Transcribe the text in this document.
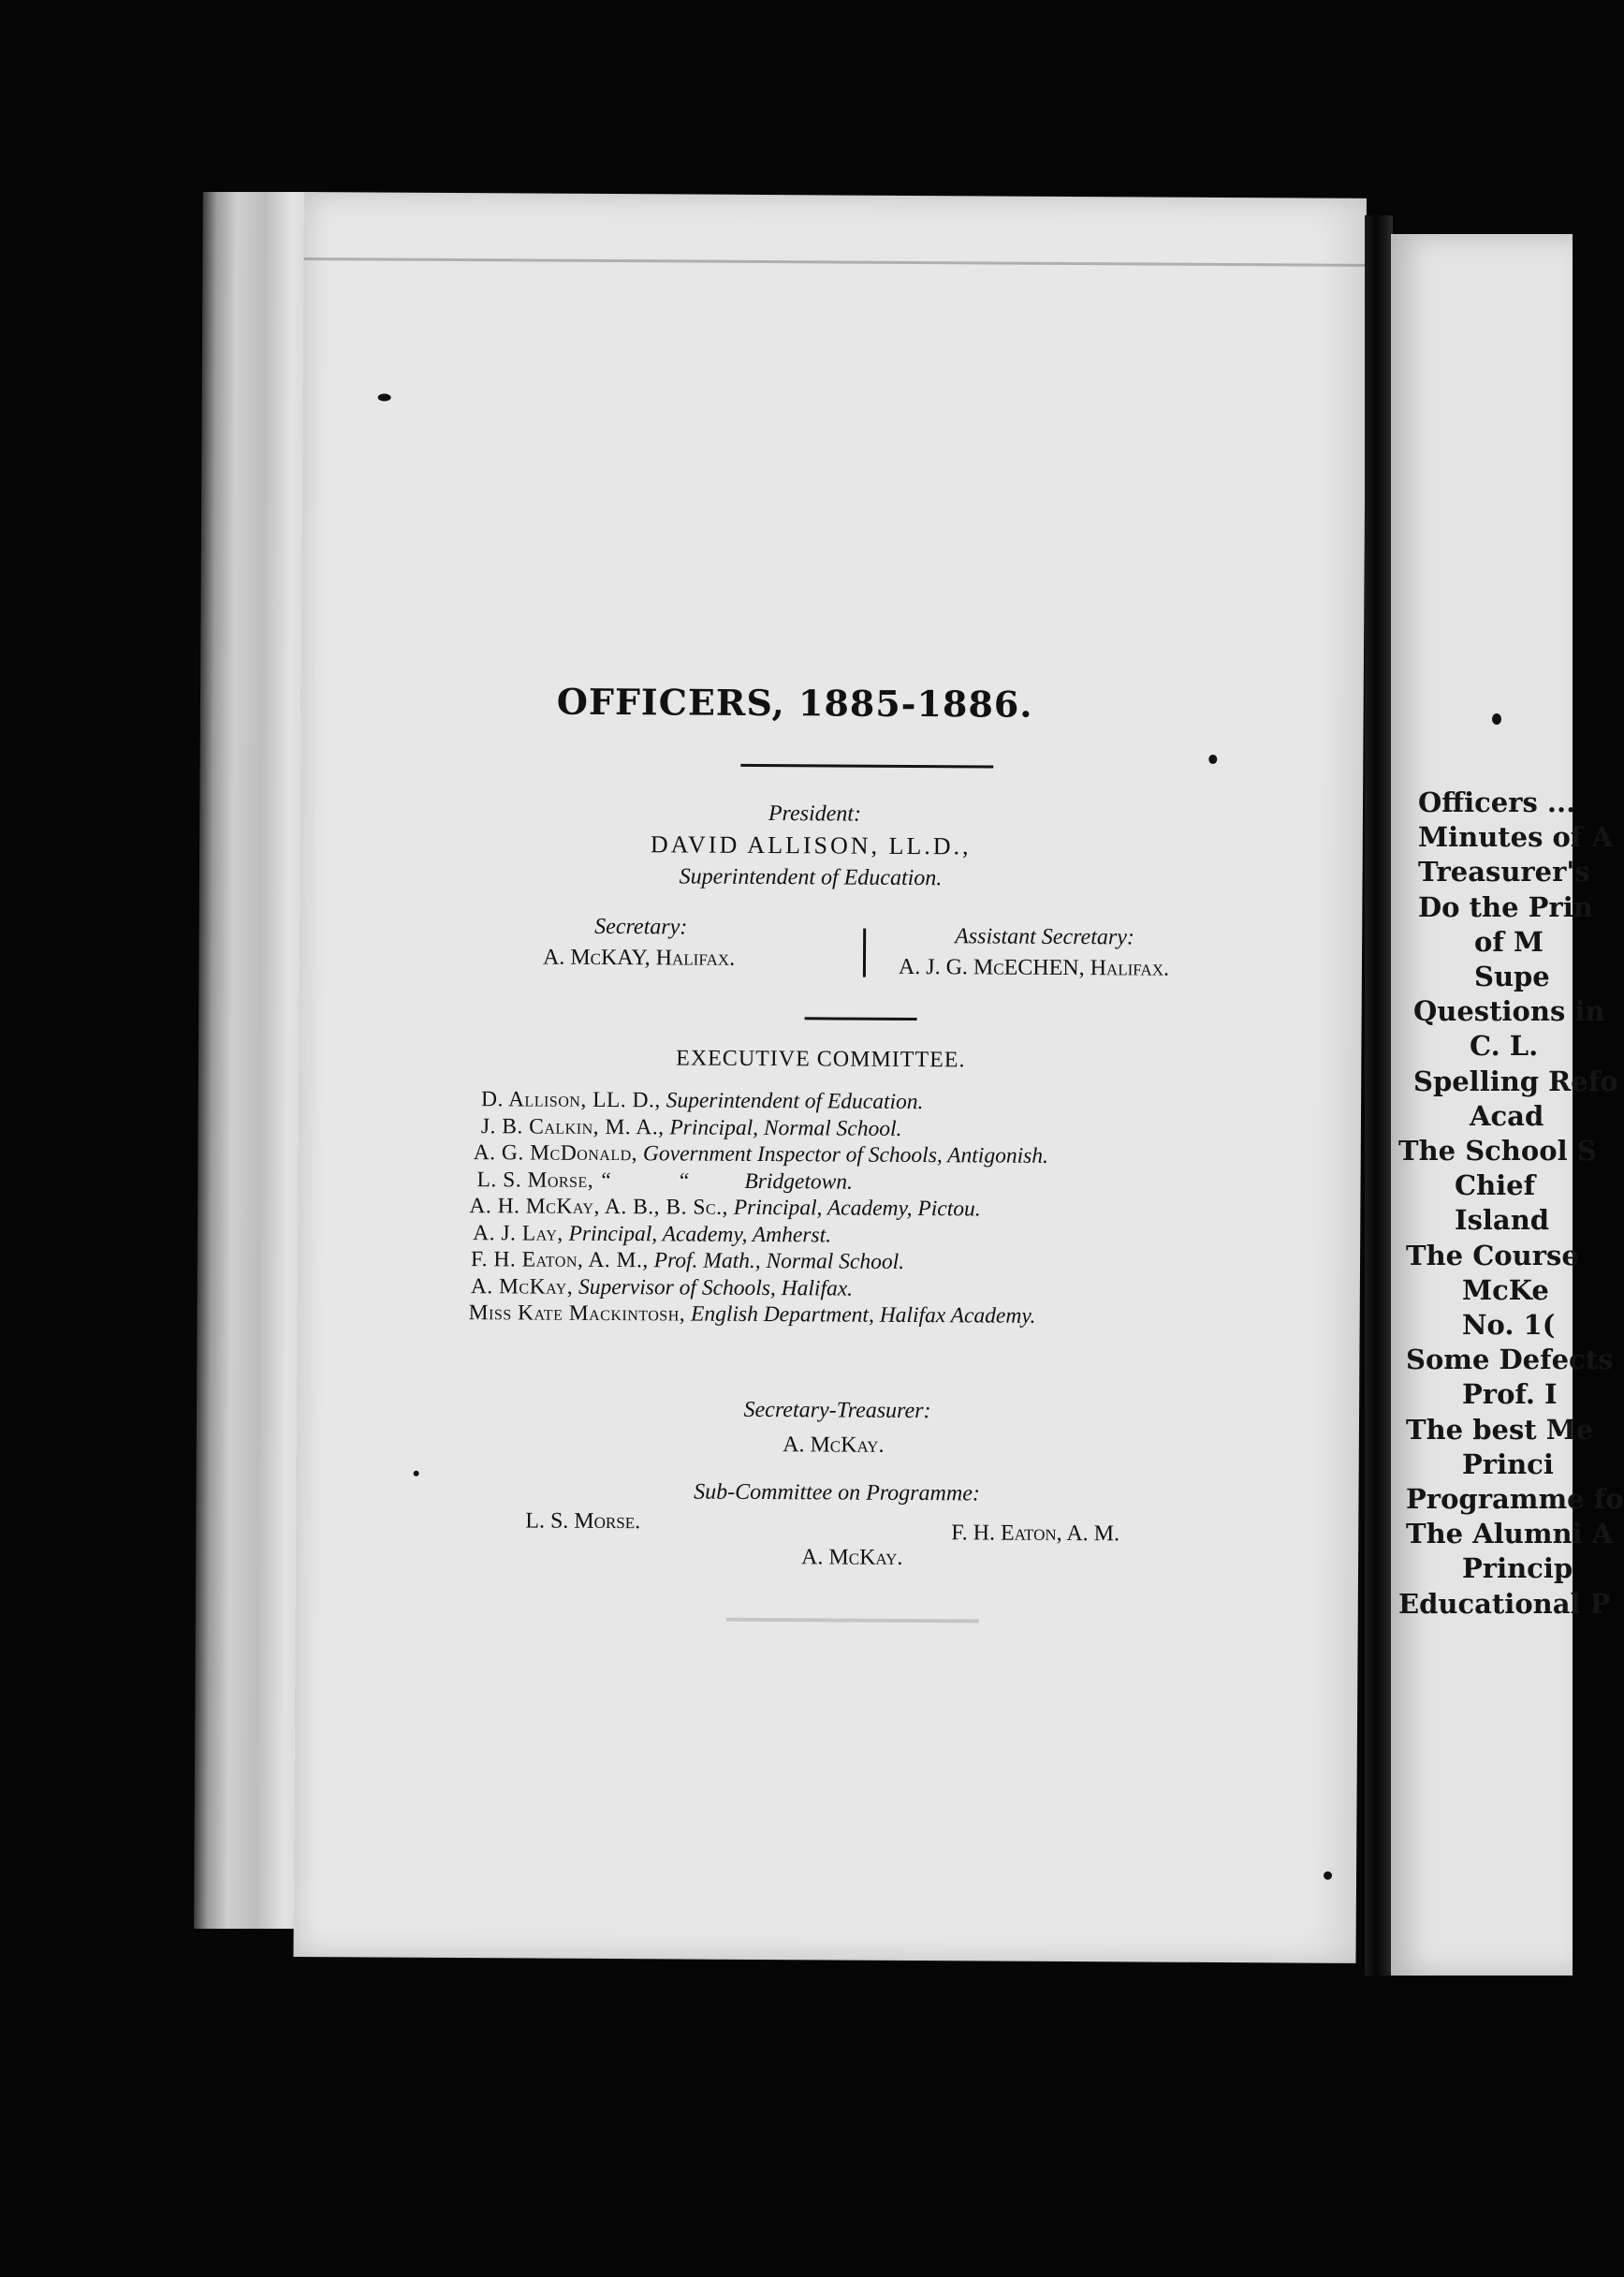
OFFICERS, 1885-1886.
President:
DAVID ALLISON, LL.D.,
Superintendent of Education.
Secretary:
A. McKAY, Halifax.
Assistant Secretary:
A. J. G. McECHEN, Halifax.
EXECUTIVE COMMITTEE.
D. Allison, LL. D., Superintendent of Education.
J. B. Calkin, M. A., Principal, Normal School.
A. G. McDonald, Government Inspector of Schools, Antigonish.
L. S. Morse, “            “          Bridgetown.
A. H. McKay, A. B., B. Sc., Principal, Academy, Pictou.
A. J. Lay, Principal, Academy, Amherst.
F. H. Eaton, A. M., Prof. Math., Normal School.
A. McKay, Supervisor of Schools, Halifax.
Miss Kate Mackintosh, English Department, Halifax Academy.
Secretary-Treasurer:
A. McKay.
Sub-Committee on Programme:
L. S. Morse.	F. H. Eaton, A. M.
A. McKay.
Officers ...
Minutes of A
Treasurer's
Do the Prin
of M
Supe
Questions in
C. L.
Spelling Refo
Acad
The School S
Chief
Island
The Course
McKe
No. 1(
Some Defects
Prof. I
The best Me
Princi
Programme fo
The Alumni A
Princip
Educational P
